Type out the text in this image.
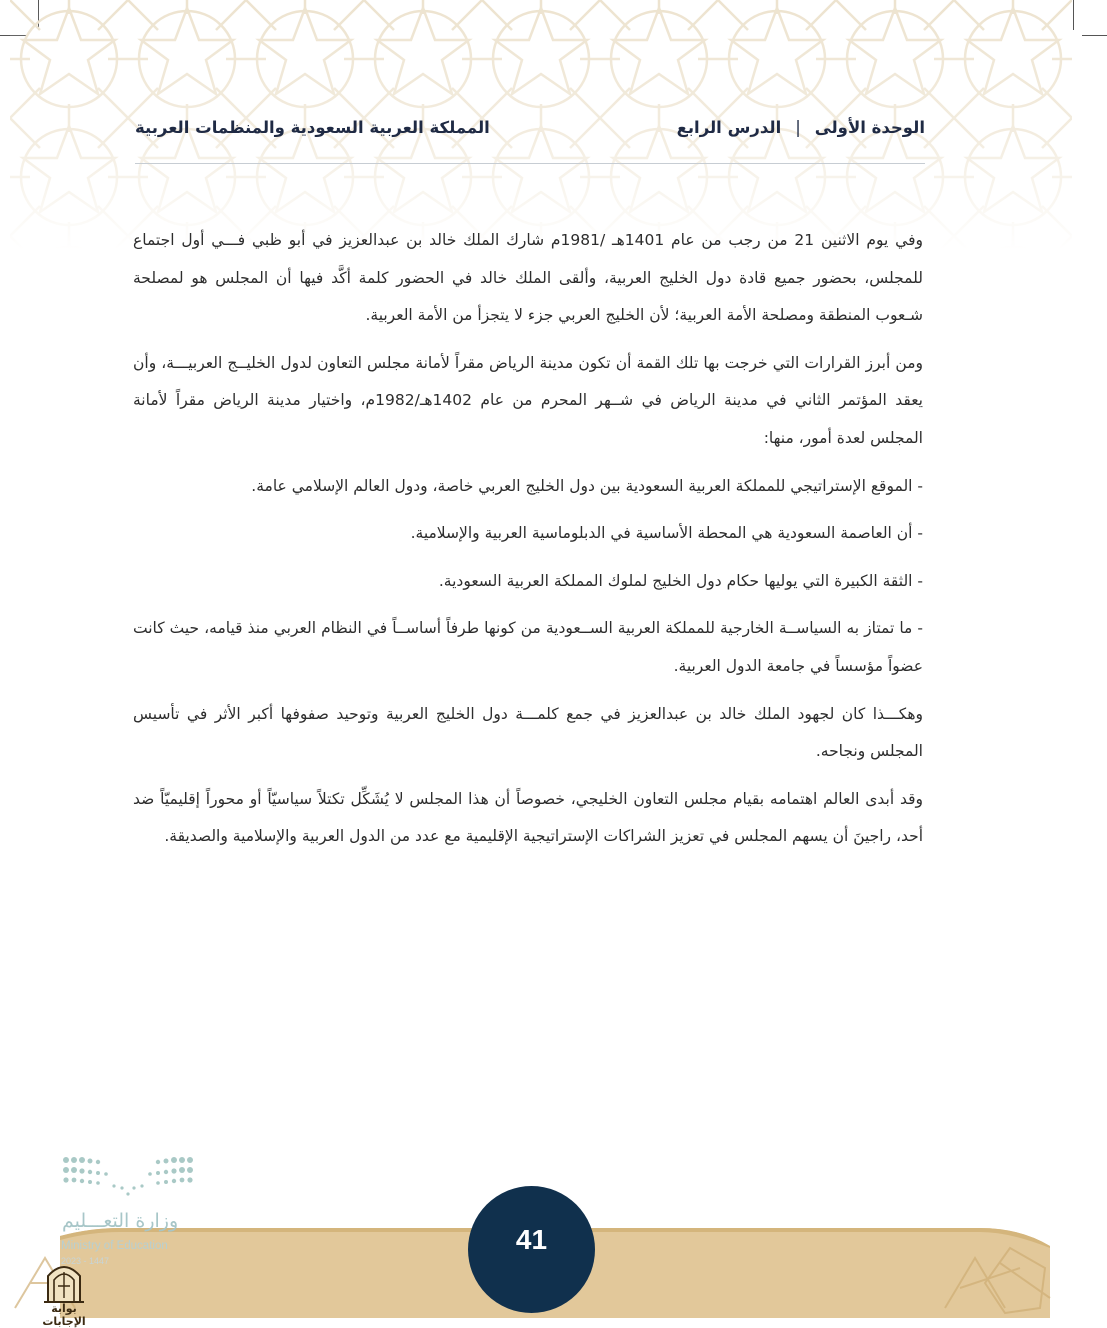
الوحدة الأولى|الدرس الرابع
المملكة العربية السعودية والمنظمات العربية

وفي يوم الاثنين 21 من رجب من عام 1401هـ /1981م شارك الملك خالد بن عبدالعزيز في أبو ظبي فـــي أول اجتماع للمجلس، بحضور جميع قادة دول الخليج العربية، وألقى الملك خالد في الحضور كلمة أكَّد فيها أن المجلس هو لمصلحة شـعوب المنطقة ومصلحة الأمة العربية؛ لأن الخليج العربي جزء لا يتجزأ من الأمة العربية.

ومن أبرز القرارات التي خرجت بها تلك القمة أن تكون مدينة الرياض مقراً لأمانة مجلس التعاون لدول الخليــج العربيـــة، وأن يعقد المؤتمر الثاني في مدينة الرياض في شــهر المحرم من عام 1402هـ/1982م، واختيار مدينة الرياض مقراً لأمانة المجلس لعدة أمور، منها:

- الموقع الإستراتيجي للمملكة العربية السعودية بين دول الخليج العربي خاصة، ودول العالم الإسلامي عامة.

- أن العاصمة السعودية هي المحطة الأساسية في الدبلوماسية العربية والإسلامية.

- الثقة الكبيرة التي يوليها حكام دول الخليج لملوك المملكة العربية السعودية.

- ما تمتاز به السياســة الخارجية للمملكة العربية الســعودية من كونها طرفاً أساســاً في النظام العربي منذ قيامه، حيث كانت عضواً مؤسساً في جامعة الدول العربية.

وهكـــذا كان لجهود الملك خالد بن عبدالعزيز في جمع كلمـــة دول الخليج العربية وتوحيد صفوفها أكبر الأثر في تأسيس المجلس ونجاحه.

وقد أبدى العالم اهتمامه بقيام مجلس التعاون الخليجي، خصوصاً أن هذا المجلس لا يُشَكِّل تكتلاً سياسيّاً أو محوراً إقليميّاً ضد أحد، راجينَ أن يسهم المجلس في تعزيز الشراكات الإستراتيجية الإقليمية مع عدد من الدول العربية والإسلامية والصديقة.

وزارة التعـــليم
Ministry of Education
2023 - 1447
41
بوابة الإجابات
